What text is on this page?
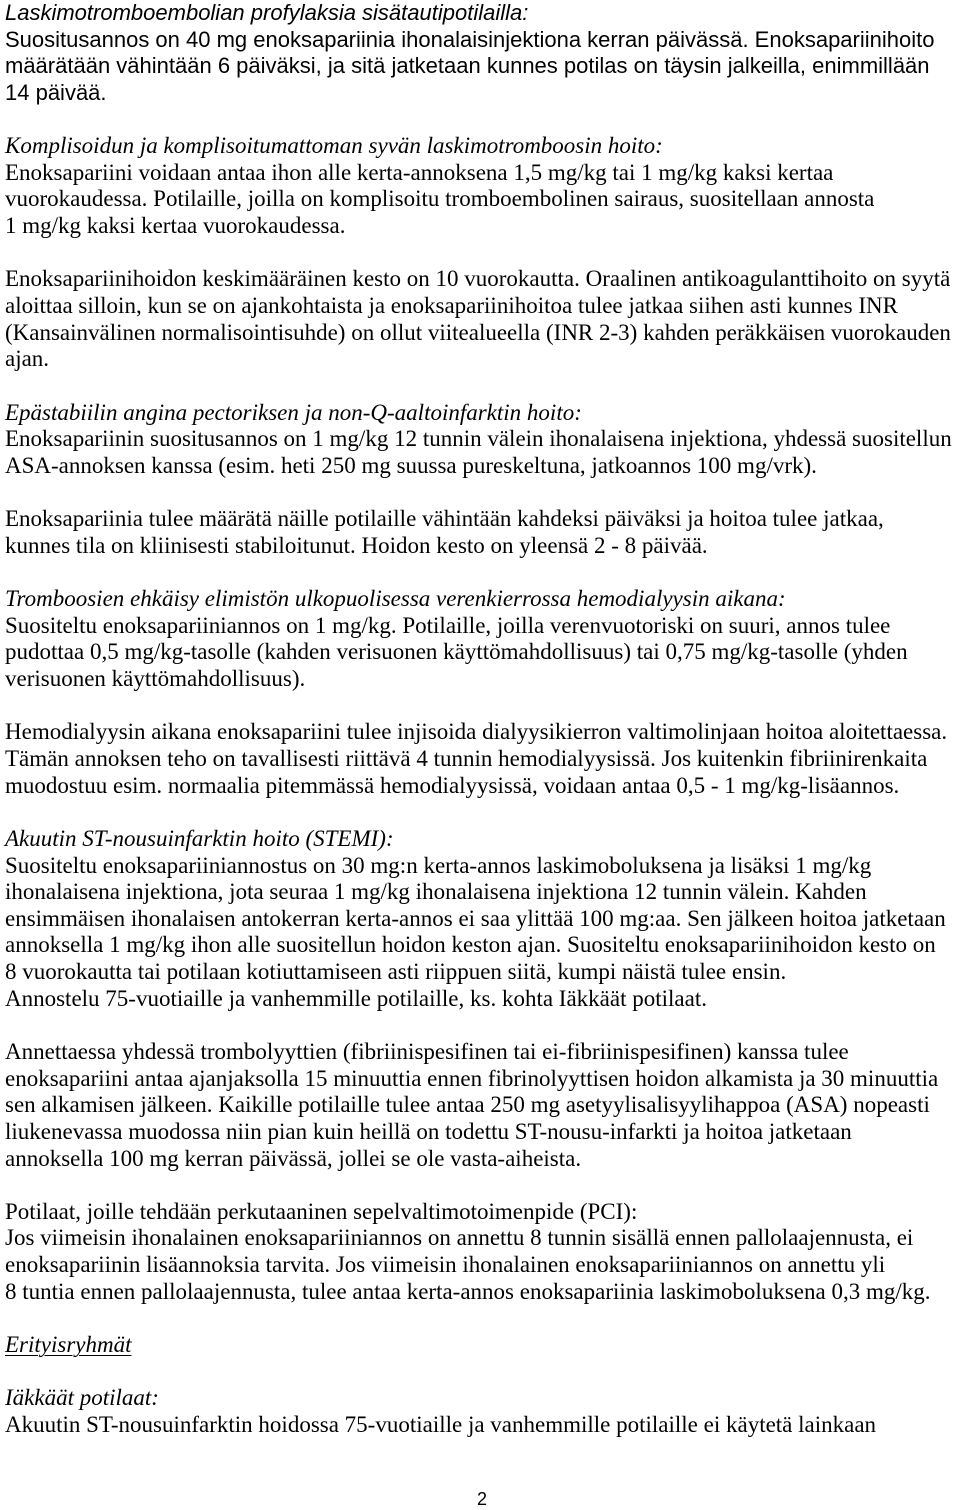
Laskimotromboembolian profylaksia sisätautipotilailla:
Suositusannos on 40 mg enoksapariinia ihonalaisinjektiona kerran päivässä. Enoksapariinihoito
määrätään vähintään 6 päiväksi, ja sitä jatketaan kunnes potilas on täysin jalkeilla, enimmillään
14 päivää.
Komplisoidun ja komplisoitumattoman syvän laskimotromboosin hoito:
Enoksapariini voidaan antaa ihon alle kerta-annoksena 1,5 mg/kg tai 1 mg/kg kaksi kertaa
vuorokaudessa. Potilaille, joilla on komplisoitu tromboembolinen sairaus, suositellaan annosta
1 mg/kg kaksi kertaa vuorokaudessa.
Enoksapariinihoidon keskimääräinen kesto on 10 vuorokautta. Oraalinen antikoagulanttihoito on syytä
aloittaa silloin, kun se on ajankohtaista ja enoksapariinihoitoa tulee jatkaa siihen asti kunnes INR
(Kansainvälinen normalisointisuhde) on ollut viitealueella (INR 2-3) kahden peräkkäisen vuorokauden
ajan.
Epästabiilin angina pectoriksen ja non-Q-aaltoinfarktin hoito:
Enoksapariinin suositusannos on 1 mg/kg 12 tunnin välein ihonalaisena injektiona, yhdessä suositellun
ASA-annoksen kanssa (esim. heti 250 mg suussa pureskeltuna, jatkoannos 100 mg/vrk).
Enoksapariinia tulee määrätä näille potilaille vähintään kahdeksi päiväksi ja hoitoa tulee jatkaa,
kunnes tila on kliinisesti stabiloitunut. Hoidon kesto on yleensä 2 - 8 päivää.
Tromboosien ehkäisy elimistön ulkopuolisessa verenkierrossa hemodialyysin aikana:
Suositeltu enoksapariiniannos on 1 mg/kg. Potilaille, joilla verenvuotoriski on suuri, annos tulee
pudottaa 0,5 mg/kg-tasolle (kahden verisuonen käyttömahdollisuus) tai 0,75 mg/kg-tasolle (yhden
verisuonen käyttömahdollisuus).
Hemodialyysin aikana enoksapariini tulee injisoida dialyysikierron valtimolinjaan hoitoa aloitettaessa.
Tämän annoksen teho on tavallisesti riittävä 4 tunnin hemodialyysissä. Jos kuitenkin fibriinirenkaita
muodostuu esim. normaalia pitemmässä hemodialyysissä, voidaan antaa 0,5 - 1 mg/kg-lisäannos.
Akuutin ST-nousuinfarktin hoito (STEMI):
Suositeltu enoksapariiniannostus on 30 mg:n kerta-annos laskimoboluksena ja lisäksi 1 mg/kg
ihonalaisena injektiona, jota seuraa 1 mg/kg ihonalaisena injektiona 12 tunnin välein. Kahden
ensimmäisen ihonalaisen antokerran kerta-annos ei saa ylittää 100 mg:aa. Sen jälkeen hoitoa jatketaan
annoksella 1 mg/kg ihon alle suositellun hoidon keston ajan. Suositeltu enoksapariinihoidon kesto on
8 vuorokautta tai potilaan kotiuttamiseen asti riippuen siitä, kumpi näistä tulee ensin.
Annostelu 75-vuotiaille ja vanhemmille potilaille, ks. kohta Iäkkäät potilaat.
Annettaessa yhdessä trombolyyttien (fibriinispesifinen tai ei-fibriinispesifinen) kanssa tulee
enoksapariini antaa ajanjaksolla 15 minuuttia ennen fibrinolyyttisen hoidon alkamista ja 30 minuuttia
sen alkamisen jälkeen. Kaikille potilaille tulee antaa 250 mg asetyylisalisyylihappoa (ASA) nopeasti
liukenevassa muodossa niin pian kuin heillä on todettu ST-nousu-infarkti ja hoitoa jatketaan
annoksella 100 mg kerran päivässä, jollei se ole vasta-aiheista.
Potilaat, joille tehdään perkutaaninen sepelvaltimotoimenpide (PCI):
Jos viimeisin ihonalainen enoksapariiniannos on annettu 8 tunnin sisällä ennen pallolaajennusta, ei
enoksapariinin lisäannoksia tarvita. Jos viimeisin ihonalainen enoksapariiniannos on annettu yli
8 tuntia ennen pallolaajennusta, tulee antaa kerta-annos enoksapariinia laskimoboluksena 0,3 mg/kg.
Erityisryhmät
Iäkkäät potilaat:
Akuutin ST-nousuinfarktin hoidossa 75-vuotiaille ja vanhemmille potilaille ei käytetä lainkaan
2
